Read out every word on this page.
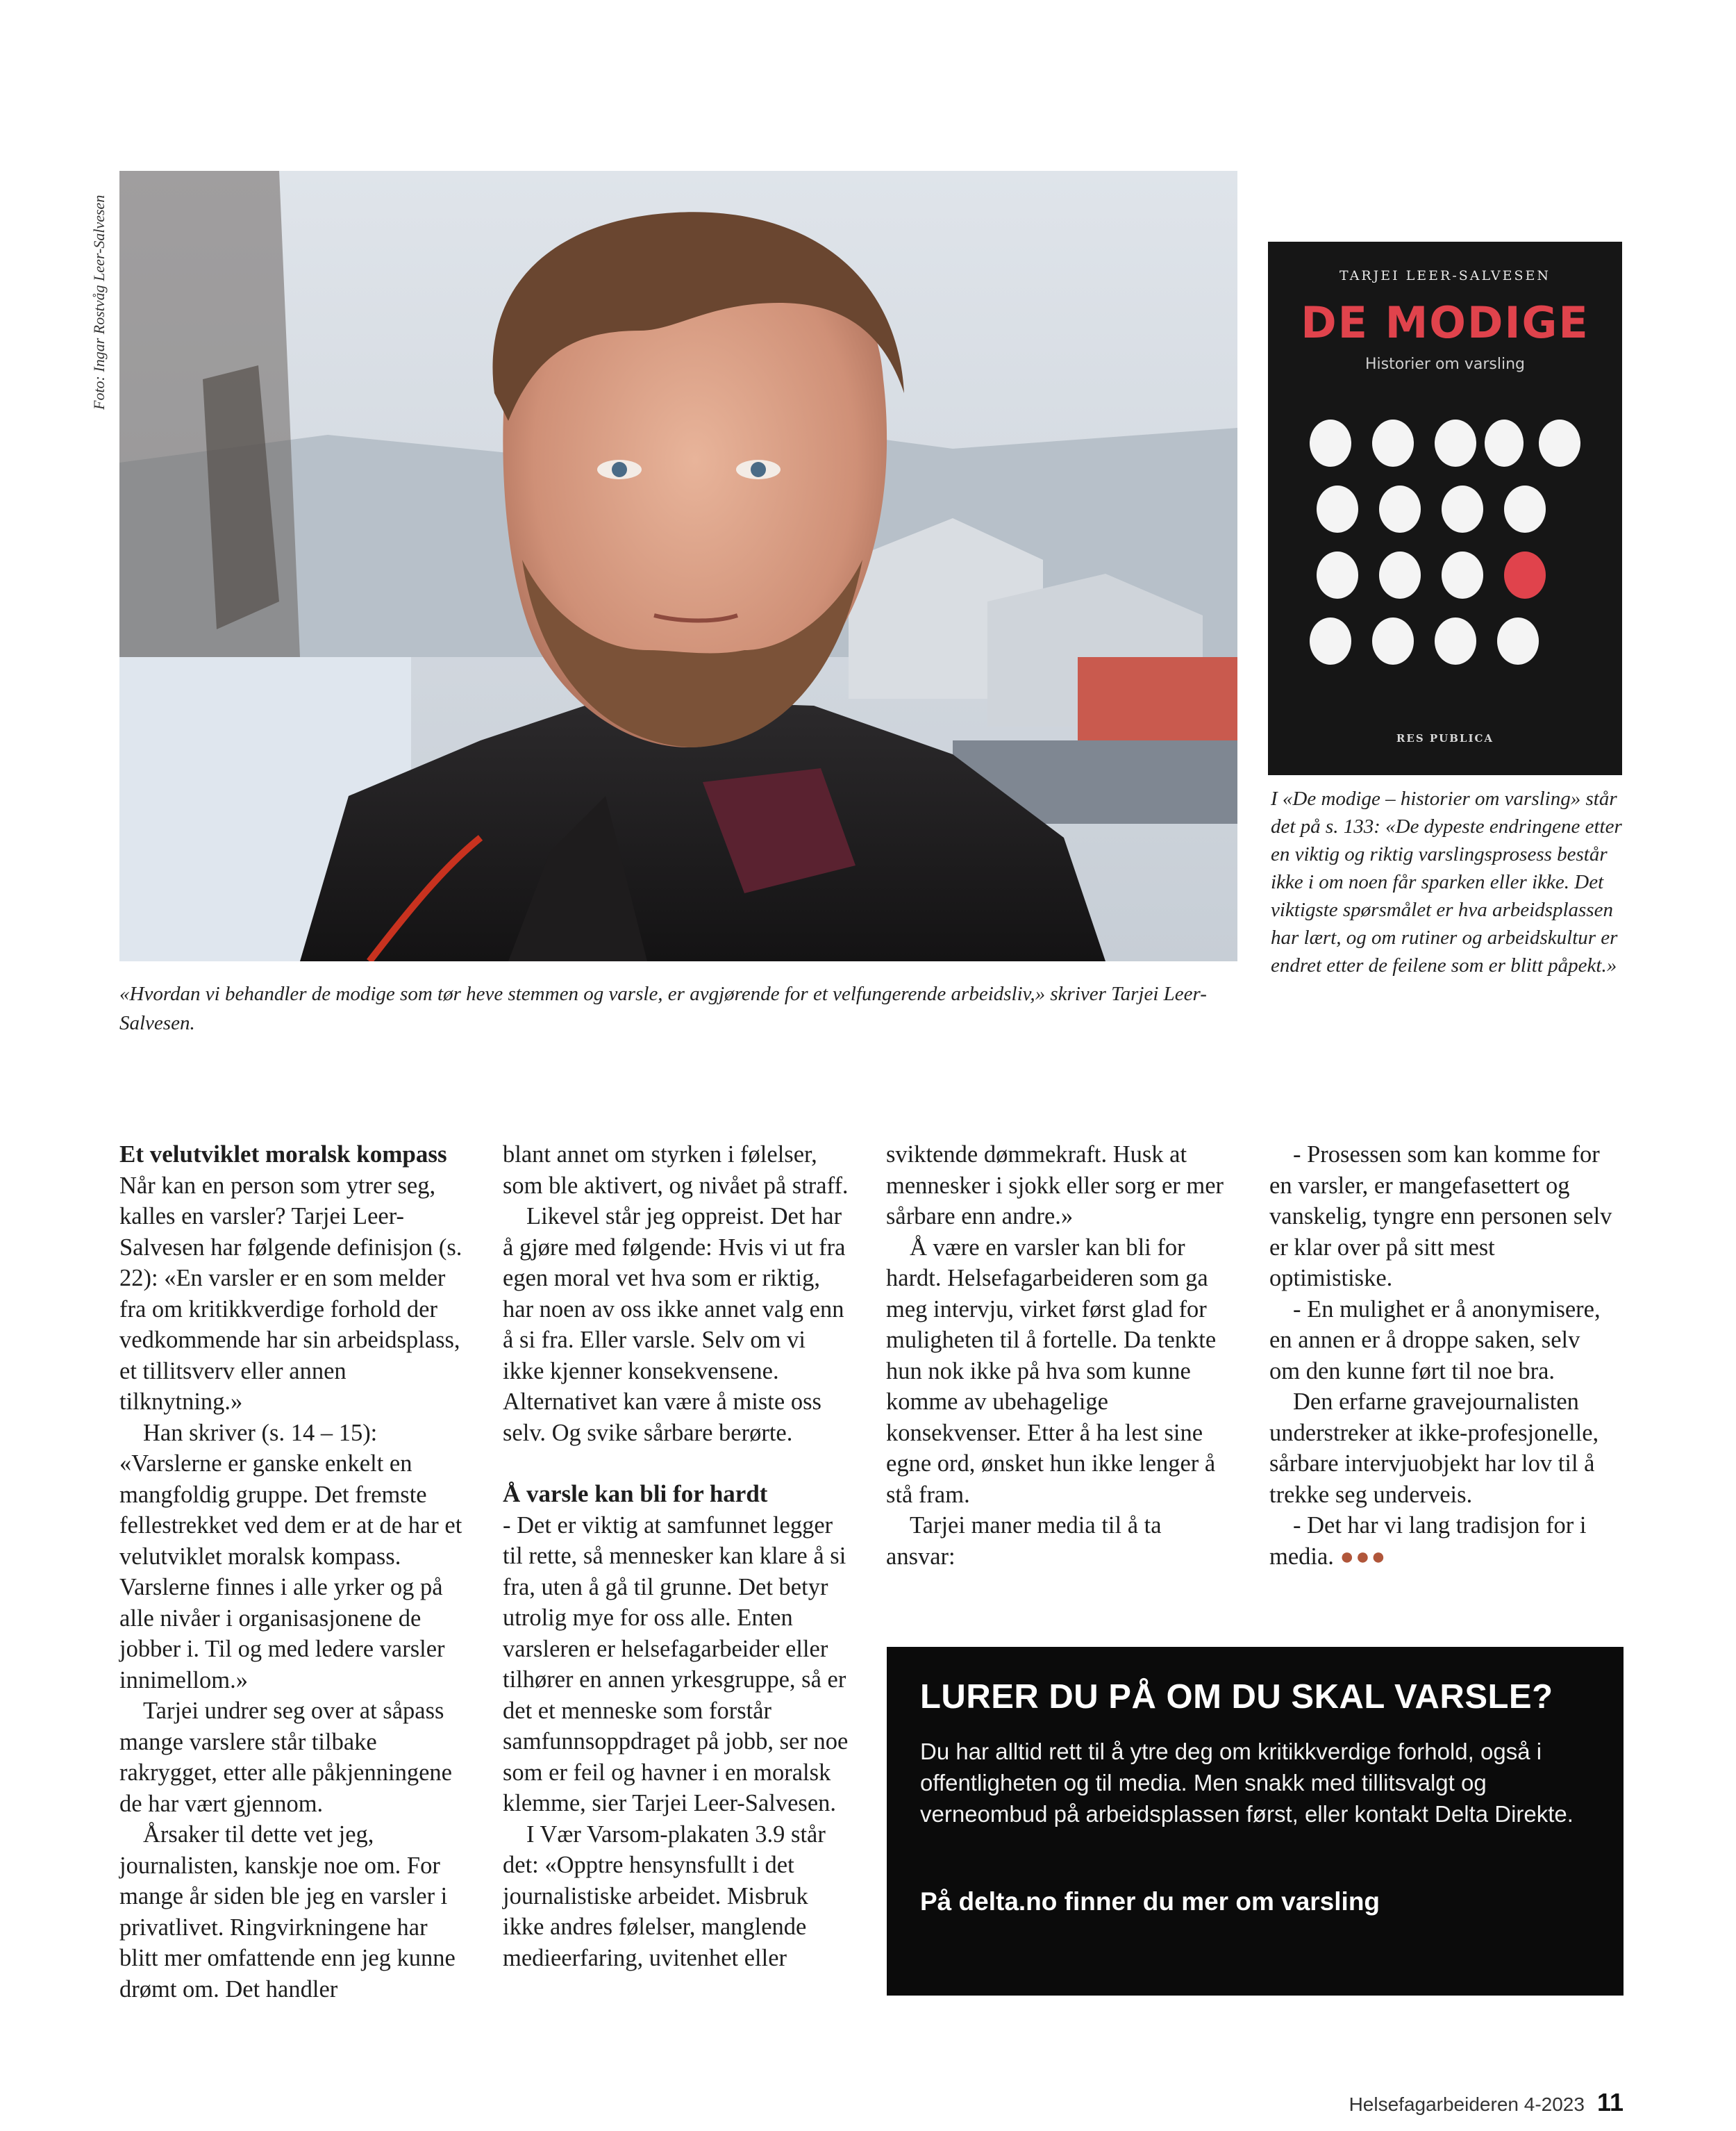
Foto: Ingar Rostvåg Leer-Salvesen
«Hvordan vi behandler de modige som tør heve stemmen og varsle, er avgjørende for et velfungerende arbeidsliv,» skriver Tarjei Leer-Salvesen.
TARJEI LEER-SALVESEN
DE MODIGE
Historier om varsling
RES PUBLICA
I «De modige – historier om varsling» står det på s. 133: «De dypeste endringene etter en viktig og riktig varslingsprosess består ikke i om noen får sparken eller ikke. Det viktigste spørsmålet er hva arbeidsplassen har lært, og om rutiner og arbeidskultur er endret etter de feilene som er blitt påpekt.»
Et velutviklet moralsk kompass

Når kan en person som ytrer seg, kalles en varsler? Tarjei Leer-Salvesen har følgende definisjon (s. 22): «En varsler er en som melder fra om kritikkverdige forhold der vedkommende har sin arbeidsplass, et tillitsverv eller annen tilknytning.»

Han skriver (s. 14 – 15): «Varslerne er ganske enkelt en mangfoldig gruppe. Det fremste fellestrekket ved dem er at de har et velutviklet moralsk kompass. Varslerne finnes i alle yrker og på alle nivåer i organisasjonene de jobber i. Til og med ledere varsler innimellom.»

Tarjei undrer seg over at såpass mange varslere står tilbake rakrygget, etter alle påkjenningene de har vært gjennom.

Årsaker til dette vet jeg, journalisten, kanskje noe om. For mange år siden ble jeg en varsler i privatlivet. Ringvirkningene har blitt mer omfattende enn jeg kunne drømt om. Det handler

blant annet om styrken i følelser, som ble aktivert, og nivået på straff.

Likevel står jeg oppreist. Det har å gjøre med følgende: Hvis vi ut fra egen moral vet hva som er riktig, har noen av oss ikke annet valg enn å si fra. Eller varsle. Selv om vi ikke kjenner konsekvensene. Alternativet kan være å miste oss selv. Og svike sårbare berørte.

Å varsle kan bli for hardt

- Det er viktig at samfunnet legger til rette, så mennesker kan klare å si fra, uten å gå til grunne. Det betyr utrolig mye for oss alle. Enten varsleren er helsefagarbeider eller tilhører en annen yrkesgruppe, så er det et menneske som forstår samfunnsoppdraget på jobb, ser noe som er feil og havner i en moralsk klemme, sier Tarjei Leer-Salvesen.

I Vær Varsom-plakaten 3.9 står det: «Opptre hensynsfullt i det journalistiske arbeidet. Misbruk ikke andres følelser, manglende medieerfaring, uvitenhet eller

sviktende dømmekraft. Husk at mennesker i sjokk eller sorg er mer sårbare enn andre.»

Å være en varsler kan bli for hardt. Helsefagarbeideren som ga meg intervju, virket først glad for muligheten til å fortelle. Da tenkte hun nok ikke på hva som kunne komme av ubehagelige konsekvenser. Etter å ha lest sine egne ord, ønsket hun ikke lenger å stå fram.

Tarjei maner media til å ta ansvar:

- Prosessen som kan komme for en varsler, er mangefasettert og vanskelig, tyngre enn personen selv er klar over på sitt mest optimistiske.

- En mulighet er å anonymisere, en annen er å droppe saken, selv om den kunne ført til noe bra.

Den erfarne gravejournalisten understreker at ikke-profesjonelle, sårbare intervjuobjekt har lov til å trekke seg underveis.

- Det har vi lang tradisjon for i media. ●●●

LURER DU PÅ OM DU SKAL VARSLE?
Du har alltid rett til å ytre deg om kritikkverdige forhold, også i offentligheten og til media. Men snakk med tillitsvalgt og verneombud på arbeidsplassen først, eller kontakt Delta Direkte.
På delta.no finner du mer om varsling
Helsefagarbeideren 4-2023 11
